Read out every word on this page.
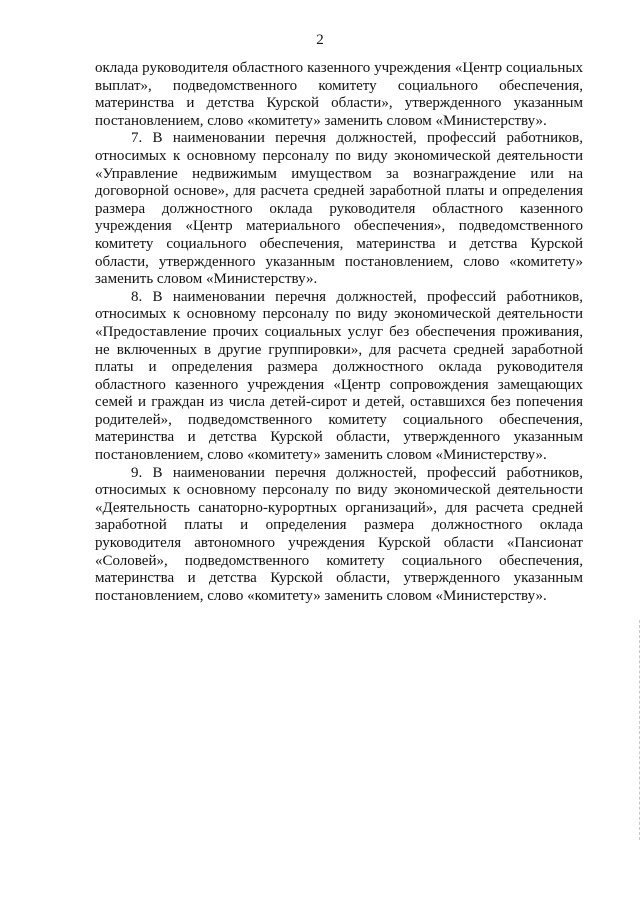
2

оклада руководителя областного казенного учреждения «Центр социальных выплат», подведомственного комитету социального обеспечения, материнства и детства Курской области», утвержденного указанным постановлением, слово «комитету» заменить словом «Министерству».

7. В наименовании перечня должностей, профессий работников, относимых к основному персоналу по виду экономической деятельности «Управление недвижимым имуществом за вознаграждение или на договорной основе», для расчета средней заработной платы и определения размера должностного оклада руководителя областного казенного учреждения «Центр материального обеспечения», подведомственного комитету социального обеспечения, материнства и детства Курской области, утвержденного указанным постановлением, слово «комитету» заменить словом «Министерству».

8. В наименовании перечня должностей, профессий работников, относимых к основному персоналу по виду экономической деятельности «Предоставление прочих социальных услуг без обеспечения проживания, не включенных в другие группировки», для расчета средней заработной платы и определения размера должностного оклада руководителя областного казенного учреждения «Центр сопровождения замещающих семей и граждан из числа детей-сирот и детей, оставшихся без попечения родителей», подведомственного комитету социального обеспечения, материнства и детства Курской области, утвержденного указанным постановлением, слово «комитету» заменить словом «Министерству».

9. В наименовании перечня должностей, профессий работников, относимых к основному персоналу по виду экономической деятельности «Деятельность санаторно-курортных организаций», для расчета средней заработной платы и определения размера должностного оклада руководителя автономного учреждения Курской области «Пансионат «Соловей», подведомственного комитету социального обеспечения, материнства и детства Курской области, утвержденного указанным постановлением, слово «комитету» заменить словом «Министерству».
